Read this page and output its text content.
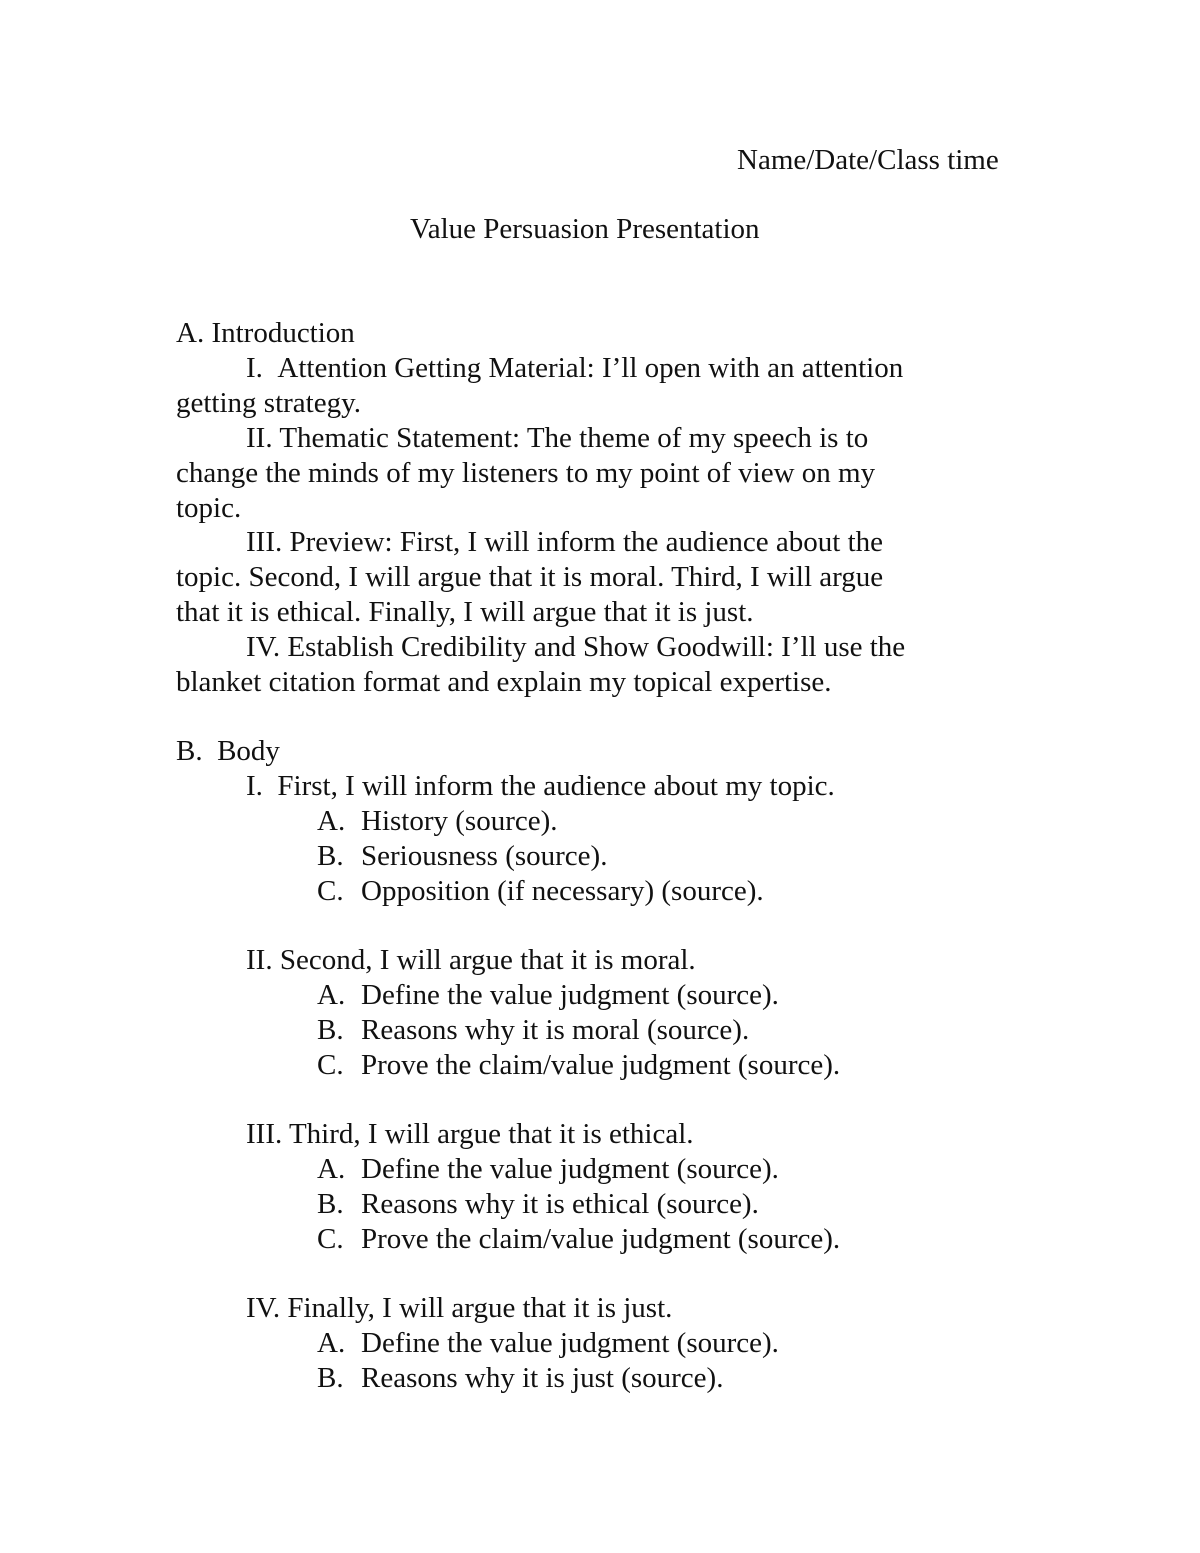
Name/Date/Class time
Value Persuasion Presentation
A. Introduction
I. Attention Getting Material: I’ll open with an attention
getting strategy.
II. Thematic Statement: The theme of my speech is to
change the minds of my listeners to my point of view on my
topic.
III. Preview: First, I will inform the audience about the
topic. Second, I will argue that it is moral. Third, I will argue
that it is ethical. Finally, I will argue that it is just.
IV. Establish Credibility and Show Goodwill: I’ll use the
blanket citation format and explain my topical expertise.
B. Body
I. First, I will inform the audience about my topic.
A. History (source).
B. Seriousness (source).
C. Opposition (if necessary) (source).
II. Second, I will argue that it is moral.
A. Define the value judgment (source).
B. Reasons why it is moral (source).
C. Prove the claim/value judgment (source).
III. Third, I will argue that it is ethical.
A. Define the value judgment (source).
B. Reasons why it is ethical (source).
C. Prove the claim/value judgment (source).
IV. Finally, I will argue that it is just.
A. Define the value judgment (source).
B. Reasons why it is just (source).
